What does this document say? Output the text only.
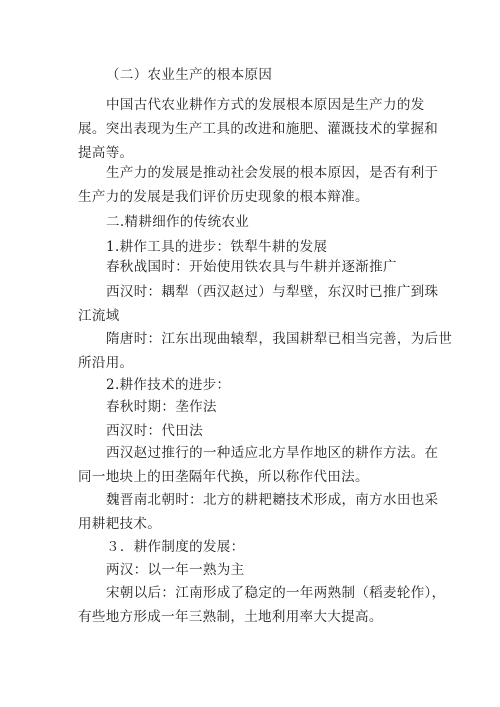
（二）农业生产的根本原因
中国古代农业耕作方式的发展根本原因是生产力的发
展。突出表现为生产工具的改进和施肥、灌溉技术的掌握和
提高等。
生产力的发展是推动社会发展的根本原因，是否有利于
生产力的发展是我们评价历史现象的根本辩准。
二.精耕细作的传统农业
1.耕作工具的进步：铁犁牛耕的发展
春秋战国时：开始使用铁农具与牛耕并逐渐推广
西汉时：耦犁（西汉赵过）与犁壁，东汉时已推广到珠
江流域
隋唐时：江东出现曲辕犁，我国耕犁已相当完善，为后世
所沿用。
2.耕作技术的进步：
春秋时期：垄作法
西汉时：代田法
西汉赵过推行的一种适应北方旱作地区的耕作方法。在
同一地块上的田垄隔年代换，所以称作代田法。
魏晋南北朝时：北方的耕耙耱技术形成，南方水田也采
用耕耙技术。
３．耕作制度的发展：
两汉：以一年一熟为主
宋朝以后：江南形成了稳定的一年两熟制（稻麦轮作），
有些地方形成一年三熟制，土地利用率大大提高。
